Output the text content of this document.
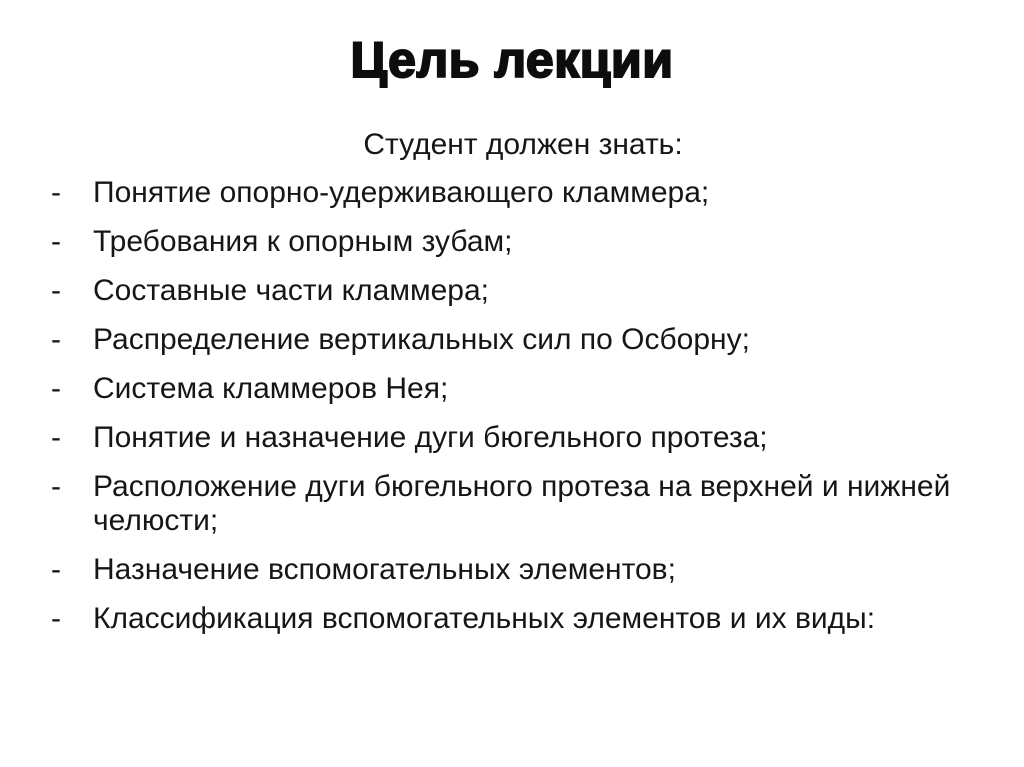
Цель лекции
Студент должен знать:
-	Понятие опорно-удерживающего кламмера;
-	Требования к опорным зубам;
-	Составные части кламмера;
-	Распределение вертикальных сил по Осборну;
-	Система кламмеров Нея;
-	Понятие и назначение дуги бюгельного протеза;
-	Расположение дуги бюгельного протеза на верхней и нижней челюсти;
-	Назначение вспомогательных элементов;
-	Классификация вспомогательных элементов и их виды:
